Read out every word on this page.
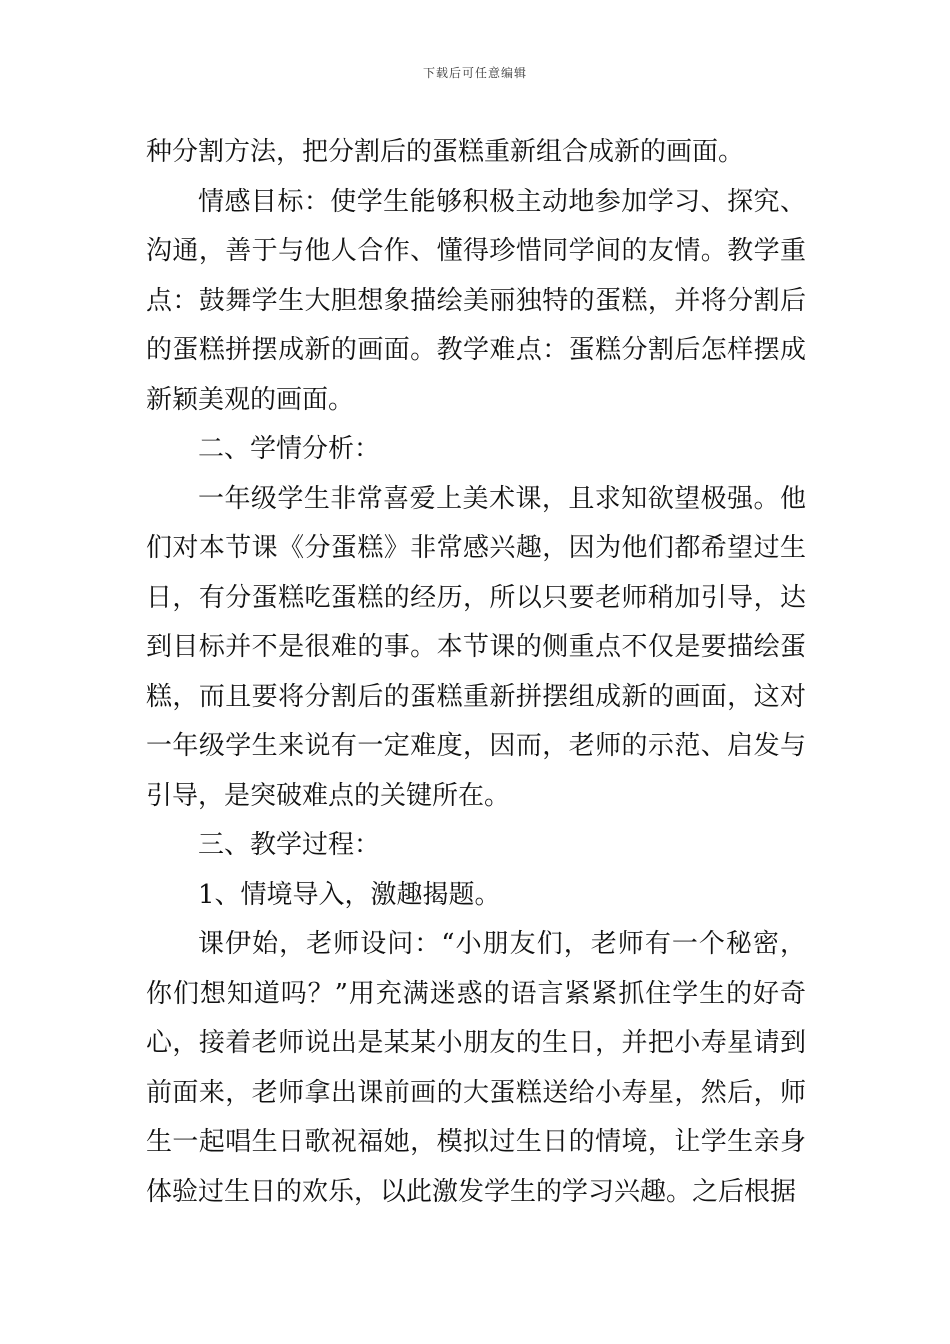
下载后可任意编辑

种分割方法，把分割后的蛋糕重新组合成新的画面。

情感目标：使学生能够积极主动地参加学习、探究、沟通，善于与他人合作、懂得珍惜同学间的友情。教学重点：鼓舞学生大胆想象描绘美丽独特的蛋糕，并将分割后的蛋糕拼摆成新的画面。教学难点：蛋糕分割后怎样摆成新颖美观的画面。

二、学情分析：

一年级学生非常喜爱上美术课，且求知欲望极强。他们对本节课《分蛋糕》非常感兴趣，因为他们都希望过生日，有分蛋糕吃蛋糕的经历，所以只要老师稍加引导，达到目标并不是很难的事。本节课的侧重点不仅是要描绘蛋糕，而且要将分割后的蛋糕重新拼摆组成新的画面，这对一年级学生来说有一定难度，因而，老师的示范、启发与引导，是突破难点的关键所在。

三、教学过程：

1、情境导入，激趣揭题。

课伊始，老师设问：“小朋友们，老师有一个秘密，你们想知道吗？”用充满迷惑的语言紧紧抓住学生的好奇心，接着老师说出是某某小朋友的生日，并把小寿星请到前面来，老师拿出课前画的大蛋糕送给小寿星，然后，师生一起唱生日歌祝福她，模拟过生日的情境，让学生亲身体验过生日的欢乐，以此激发学生的学习兴趣。之后根据
